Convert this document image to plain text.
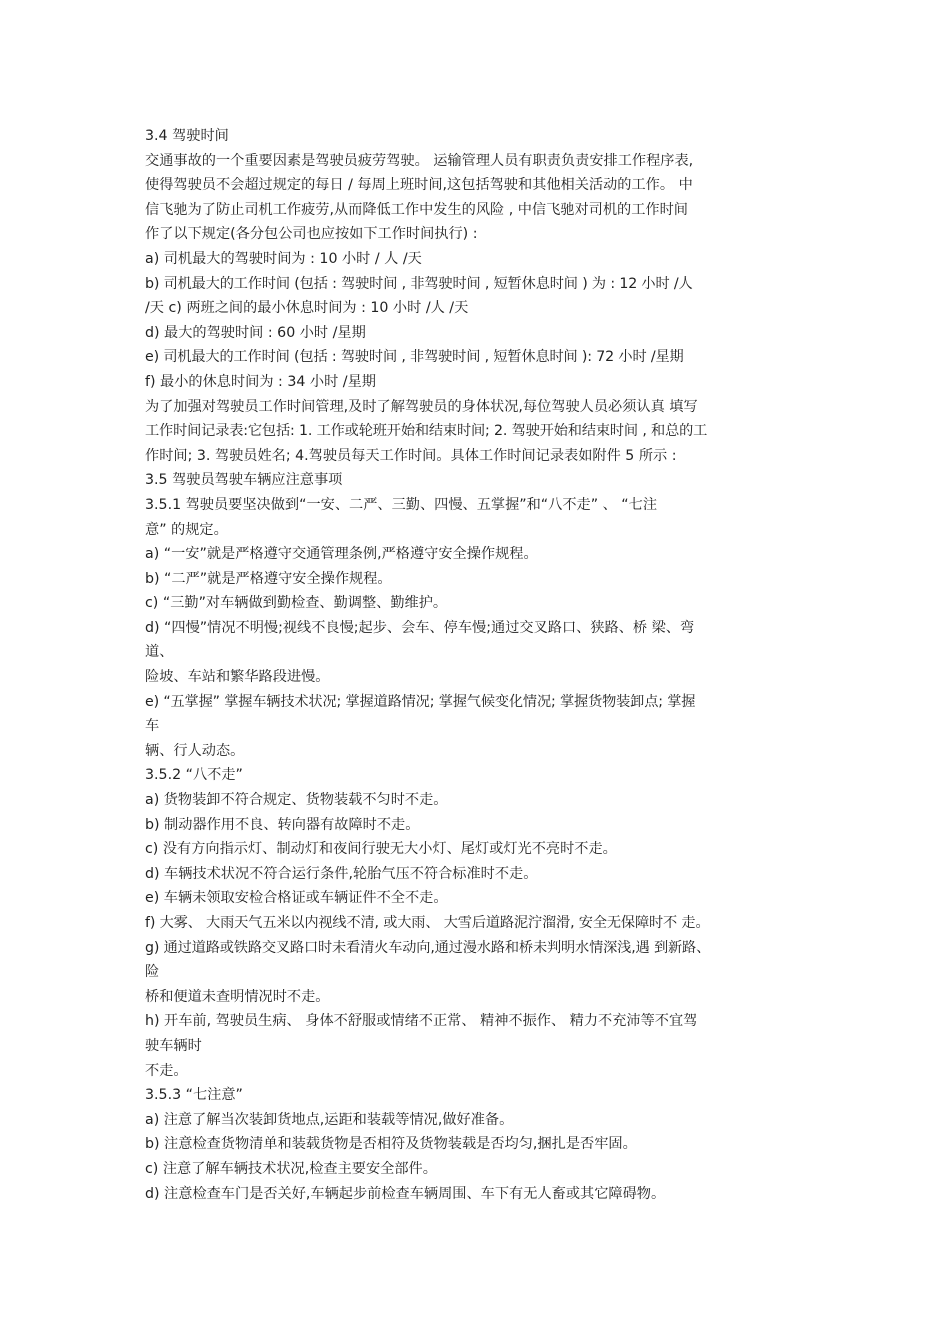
3.4 驾驶时间
交通事故的一个重要因素是驾驶员疲劳驾驶。 运输管理人员有职责负责安排工作程序表,
使得驾驶员不会超过规定的每日 / 每周上班时间,这包括驾驶和其他相关活动的工作。 中
信飞驰为了防止司机工作疲劳,从而降低工作中发生的风险 , 中信飞驰对司机的工作时间
作了以下规定(各分包公司也应按如下工作时间执行) :
a) 司机最大的驾驶时间为 : 10 小时 / 人 /天
b) 司机最大的工作时间 (包括 : 驾驶时间 , 非驾驶时间 , 短暂休息时间 ) 为 : 12 小时 /人
/天 c) 两班之间的最小休息时间为 : 10 小时 /人 /天
d) 最大的驾驶时间 : 60 小时 /星期
e) 司机最大的工作时间 (包括 : 驾驶时间 , 非驾驶时间 , 短暂休息时间 ): 72 小时 /星期
f) 最小的休息时间为 : 34 小时 /星期
为了加强对驾驶员工作时间管理,及时了解驾驶员的身体状况,每位驾驶人员必须认真 填写
工作时间记录表:它包括: 1. 工作或轮班开始和结束时间; 2. 驾驶开始和结束时间 , 和总的工
作时间; 3. 驾驶员姓名; 4.驾驶员每天工作时间。具体工作时间记录表如附件 5 所示 :
3.5 驾驶员驾驶车辆应注意事项
3.5.1 驾驶员要坚决做到“一安、二严、三勤、四慢、五掌握”和“八不走” 、 “七注
意” 的规定。
a) “一安”就是严格遵守交通管理条例,严格遵守安全操作规程。
b) “二严”就是严格遵守安全操作规程。
c) “三勤”对车辆做到勤检查、勤调整、勤维护。
d) “四慢”情况不明慢;视线不良慢;起步、会车、停车慢;通过交叉路口、狭路、桥 梁、弯
道、
险坡、车站和繁华路段进慢。
e) “五掌握” 掌握车辆技术状况; 掌握道路情况; 掌握气候变化情况; 掌握货物装卸点; 掌握
车
辆、行人动态。
3.5.2 “八不走”
a) 货物装卸不符合规定、货物装载不匀时不走。
b) 制动器作用不良、转向器有故障时不走。
c) 没有方向指示灯、制动灯和夜间行驶无大小灯、尾灯或灯光不亮时不走。
d) 车辆技术状况不符合运行条件,轮胎气压不符合标准时不走。
e) 车辆未领取安检合格证或车辆证件不全不走。
f) 大雾、 大雨天气五米以内视线不清, 或大雨、 大雪后道路泥泞溜滑, 安全无保障时不 走。
g) 通过道路或铁路交叉路口时未看清火车动向,通过漫水路和桥未判明水情深浅,遇 到新路、
险
桥和便道未查明情况时不走。
h) 开车前, 驾驶员生病、 身体不舒服或情绪不正常、 精神不振作、 精力不充沛等不宜驾
驶车辆时
不走。
3.5.3 “七注意”
a) 注意了解当次装卸货地点,运距和装载等情况,做好准备。
b) 注意检查货物清单和装载货物是否相符及货物装载是否均匀,捆扎是否牢固。
c) 注意了解车辆技术状况,检查主要安全部件。
d) 注意检查车门是否关好,车辆起步前检查车辆周围、车下有无人畜或其它障碍物。
